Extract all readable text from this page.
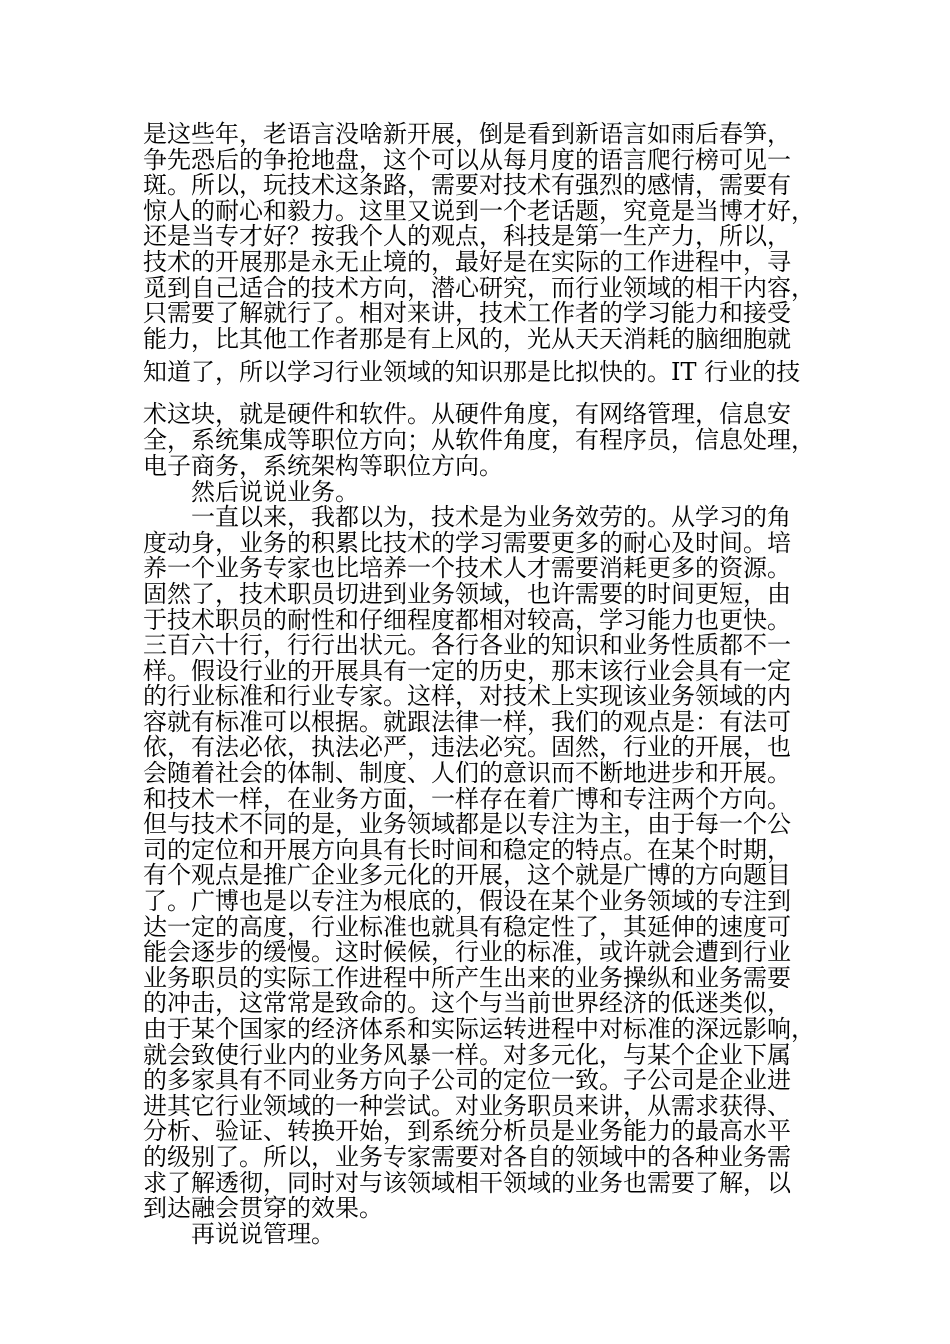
是这些年，老语言没啥新开展，倒是看到新语言如雨后春笋，
争先恐后的争抢地盘，这个可以从每月度的语言爬行榜可见一
斑。所以，玩技术这条路，需要对技术有强烈的感情，需要有
惊人的耐心和毅力。这里又说到一个老话题，究竟是当博才好，
还是当专才好？按我个人的观点，科技是第一生产力，所以，
技术的开展那是永无止境的，最好是在实际的工作进程中，寻
觅到自己适合的技术方向，潜心研究，而行业领域的相干内容，
只需要了解就行了。相对来讲，技术工作者的学习能力和接受
能力，比其他工作者那是有上风的，光从天天消耗的脑细胞就
知道了，所以学习行业领域的知识那是比拟快的。IT 行业的技
术这块，就是硬件和软件。从硬件角度，有网络管理，信息安
全，系统集成等职位方向；从软件角度，有程序员，信息处理，
电子商务，系统架构等职位方向。
然后说说业务。
一直以来，我都以为，技术是为业务效劳的。从学习的角
度动身，业务的积累比技术的学习需要更多的耐心及时间。培
养一个业务专家也比培养一个技术人才需要消耗更多的资源。
固然了，技术职员切进到业务领域，也许需要的时间更短，由
于技术职员的耐性和仔细程度都相对较高，学习能力也更快。
三百六十行，行行出状元。各行各业的知识和业务性质都不一
样。假设行业的开展具有一定的历史，那末该行业会具有一定
的行业标准和行业专家。这样，对技术上实现该业务领域的内
容就有标准可以根据。就跟法律一样，我们的观点是：有法可
依，有法必依，执法必严，违法必究。固然，行业的开展，也
会随着社会的体制、制度、人们的意识而不断地进步和开展。
和技术一样，在业务方面，一样存在着广博和专注两个方向。
但与技术不同的是，业务领域都是以专注为主，由于每一个公
司的定位和开展方向具有长时间和稳定的特点。在某个时期，
有个观点是推广企业多元化的开展，这个就是广博的方向题目
了。广博也是以专注为根底的，假设在某个业务领域的专注到
达一定的高度，行业标准也就具有稳定性了，其延伸的速度可
能会逐步的缓慢。这时候候，行业的标准，或许就会遭到行业
业务职员的实际工作进程中所产生出来的业务操纵和业务需要
的冲击，这常常是致命的。这个与当前世界经济的低迷类似，
由于某个国家的经济体系和实际运转进程中对标准的深远影响，
就会致使行业内的业务风暴一样。对多元化，与某个企业下属
的多家具有不同业务方向子公司的定位一致。子公司是企业进
进其它行业领域的一种尝试。对业务职员来讲，从需求获得、
分析、验证、转换开始，到系统分析员是业务能力的最高水平
的级别了。所以，业务专家需要对各自的领域中的各种业务需
求了解透彻，同时对与该领域相干领域的业务也需要了解，以
到达融会贯穿的效果。
再说说管理。
